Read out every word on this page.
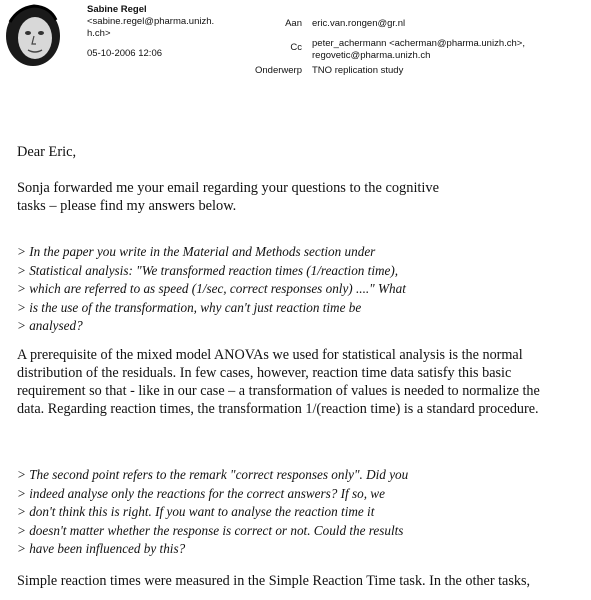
Sabine Regel
<sabine.regel@pharma.unizh.
h.ch>
05-10-2006 12:06
Aan eric.van.rongen@gr.nl
Cc peter_achermann <acherman@pharma.unizh.ch>,
regovetic@pharma.unizh.ch
Onderwerp TNO replication study
Dear Eric,
Sonja forwarded me your email regarding your questions to the cognitive
tasks – please find my answers below.
> In the paper you write in the Material and Methods section under
> Statistical analysis: "We transformed reaction times (1/reaction time),
> which are referred to as speed (1/sec, correct responses only) ...." What
> is the use of the transformation, why can't just reaction time be
> analysed?
A prerequisite of the mixed model ANOVAs we used for statistical analysis is the normal
distribution of the residuals. In few cases, however, reaction time data satisfy this basic
requirement so that - like in our case – a transformation of values is needed to normalize the
data. Regarding reaction times, the transformation 1/(reaction time) is a standard procedure.
> The second point refers to the remark "correct responses only". Did you
> indeed analyse only the reactions for the correct answers? If so, we
> don't think this is right. If you want to analyse the reaction time it
> doesn't matter whether the response is correct or not. Could the results
> have been influenced by this?
Simple reaction times were measured in the Simple Reaction Time task. In the other tasks,
